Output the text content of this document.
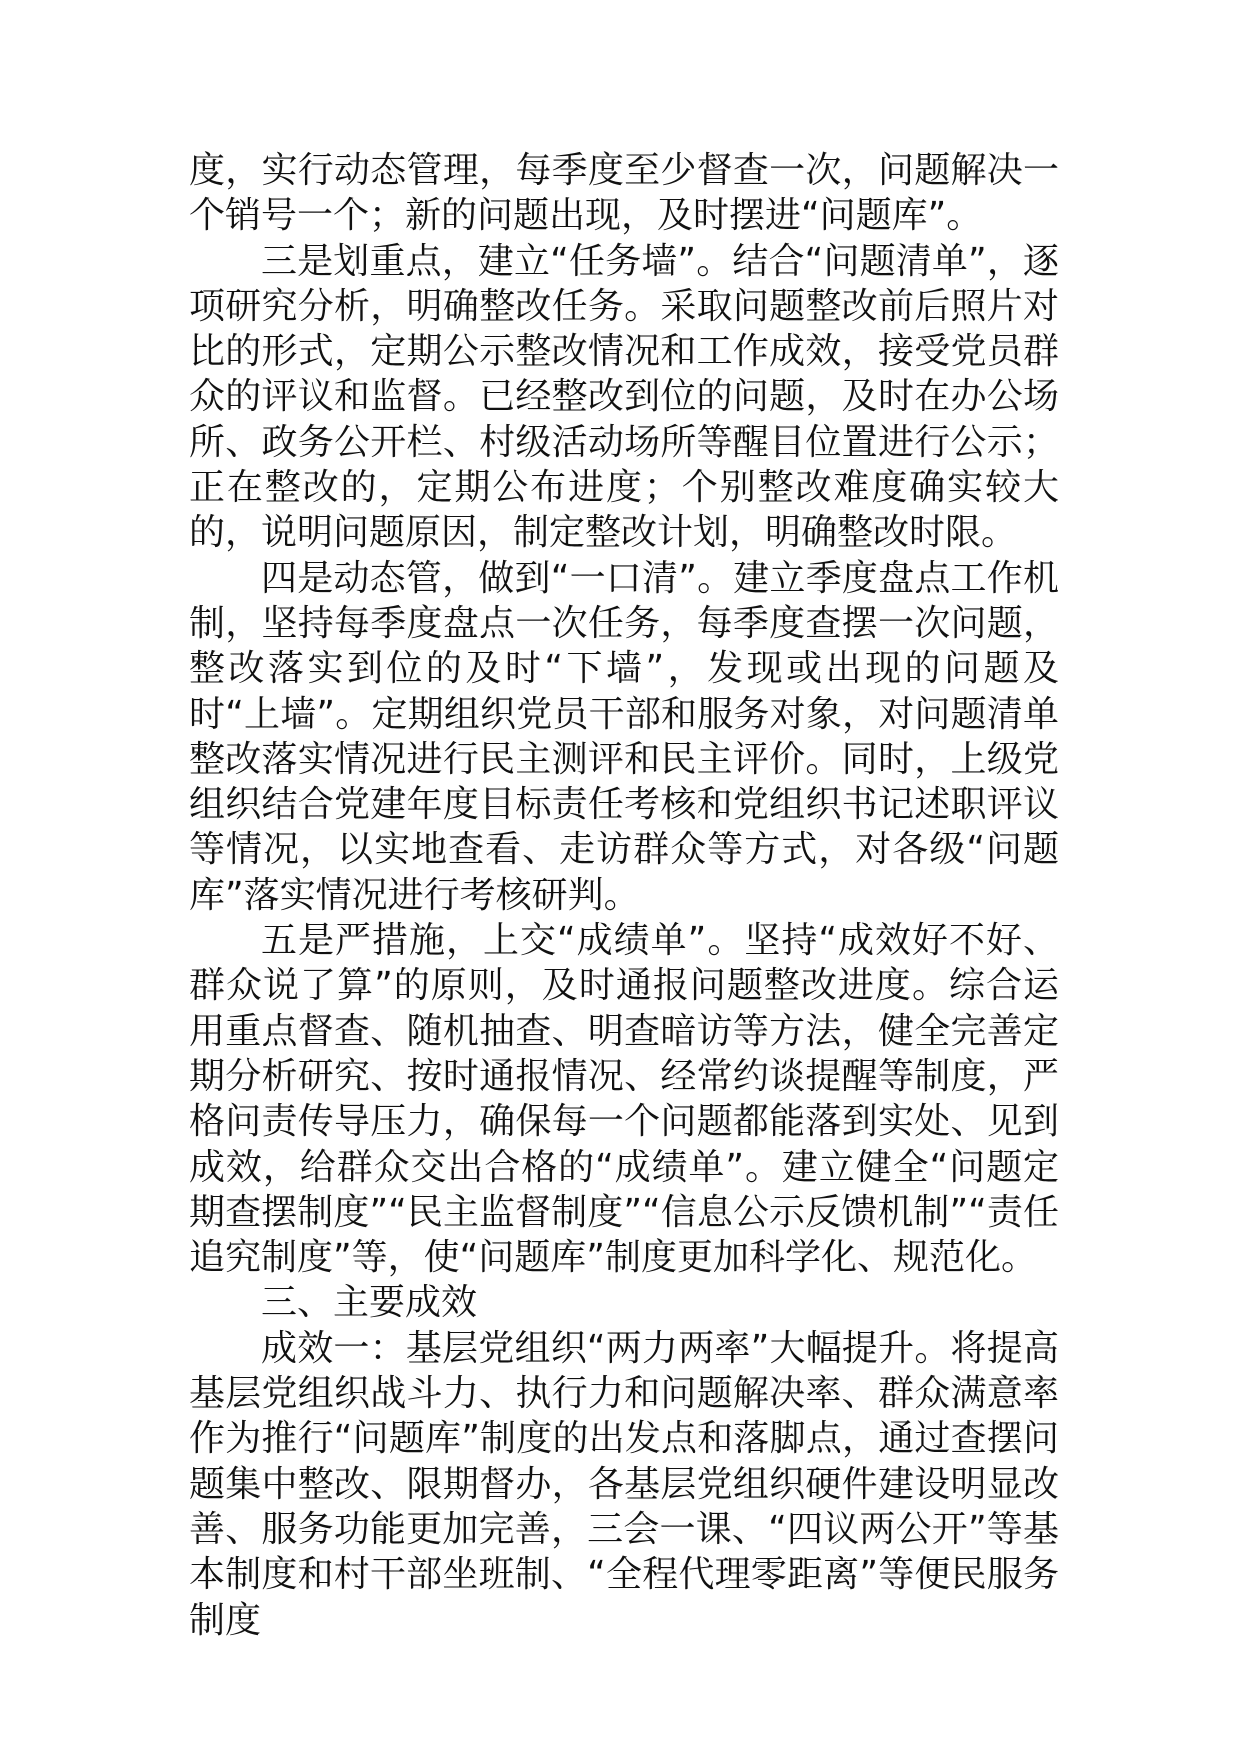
度，实行动态管理，每季度至少督查一次，问题解决一个销号一个；新的问题出现，及时摆进“问题库”。

三是划重点，建立“任务墙”。结合“问题清单”，逐项研究分析，明确整改任务。采取问题整改前后照片对比的形式，定期公示整改情况和工作成效，接受党员群众的评议和监督。已经整改到位的问题，及时在办公场所、政务公开栏、村级活动场所等醒目位置进行公示；正在整改的，定期公布进度；个别整改难度确实较大的，说明问题原因，制定整改计划，明确整改时限。

四是动态管，做到“一口清”。建立季度盘点工作机制，坚持每季度盘点一次任务，每季度查摆一次问题，整改落实到位的及时“下墙”，发现或出现的问题及时“上墙”。定期组织党员干部和服务对象，对问题清单整改落实情况进行民主测评和民主评价。同时，上级党组织结合党建年度目标责任考核和党组织书记述职评议等情况，以实地查看、走访群众等方式，对各级“问题库”落实情况进行考核研判。

五是严措施，上交“成绩单”。坚持“成效好不好、群众说了算”的原则，及时通报问题整改进度。综合运用重点督查、随机抽查、明查暗访等方法，健全完善定期分析研究、按时通报情况、经常约谈提醒等制度，严格问责传导压力，确保每一个问题都能落到实处、见到成效，给群众交出合格的“成绩单”。建立健全“问题定期查摆制度”“民主监督制度”“信息公示反馈机制”“责任追究制度”等，使“问题库”制度更加科学化、规范化。

三、主要成效

成效一：基层党组织“两力两率”大幅提升。将提高基层党组织战斗力、执行力和问题解决率、群众满意率作为推行“问题库”制度的出发点和落脚点，通过查摆问题集中整改、限期督办，各基层党组织硬件建设明显改善、服务功能更加完善，三会一课、“四议两公开”等基本制度和村干部坐班制、“全程代理零距离”等便民服务制度
